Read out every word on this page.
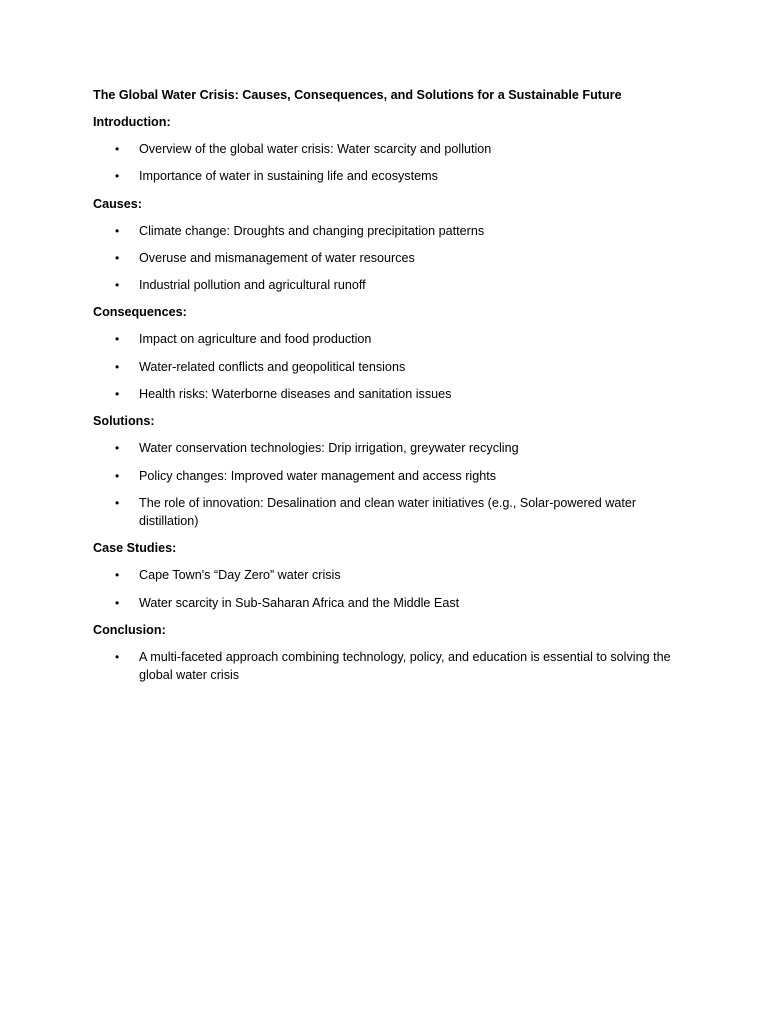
The Global Water Crisis: Causes, Consequences, and Solutions for a Sustainable Future
Introduction:
•	Overview of the global water crisis: Water scarcity and pollution
•	Importance of water in sustaining life and ecosystems
Causes:
•	Climate change: Droughts and changing precipitation patterns
•	Overuse and mismanagement of water resources
•	Industrial pollution and agricultural runoff
Consequences:
•	Impact on agriculture and food production
•	Water-related conflicts and geopolitical tensions
•	Health risks: Waterborne diseases and sanitation issues
Solutions:
•	Water conservation technologies: Drip irrigation, greywater recycling
•	Policy changes: Improved water management and access rights
•	The role of innovation: Desalination and clean water initiatives (e.g., Solar-powered water distillation)
Case Studies:
•	Cape Town's “Day Zero” water crisis
•	Water scarcity in Sub-Saharan Africa and the Middle East
Conclusion:
•	A multi-faceted approach combining technology, policy, and education is essential to solving the global water crisis
